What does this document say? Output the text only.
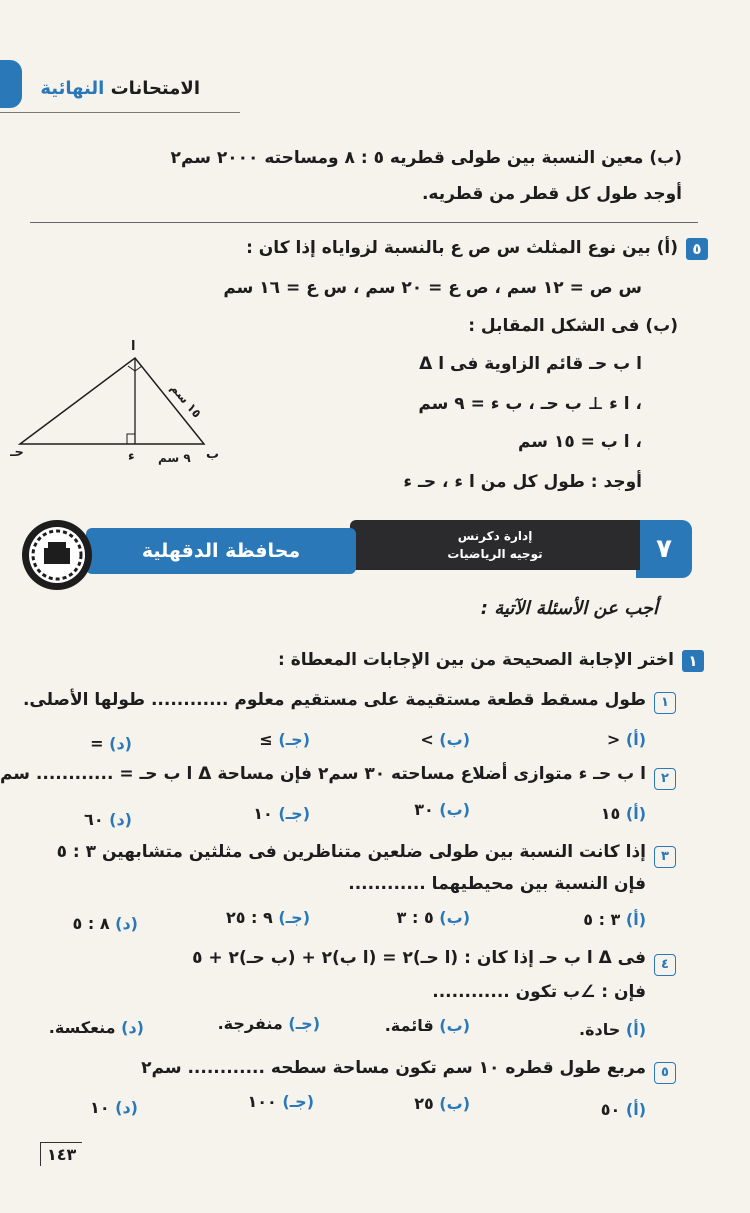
الامتحانات النهائية
(ب) معين النسبة بين طولى قطريه ٥ : ٨ ومساحته ٢٠٠٠ سم٢
أوجد طول كل قطر من قطريه.
٥
(أ) بين نوع المثلث س ص ع بالنسبة لزواياه إذا كان :
س ص = ١٢ سم ، ص ع = ٢٠ سم ، س ع = ١٦ سم
(ب) فى الشكل المقابل :
Δ ا ب حـ قائم الزاوية فى ا
، ا ء ⊥ ب حـ ، ب ء = ٩ سم
، ا ب = ١٥ سم
أوجد : طول كل من ا ء ، حـ ء
ا
ب
حـ	ء
١٥ سم
٩ سم
٧
إدارة دكرنس
توجيه الرياضيات
محافظة الدقهلية
أجب عن الأسئلة الآتية :
١
اختر الإجابة الصحيحة من بين الإجابات المعطاة :
١
طول مسقط قطعة مستقيمة على مستقيم معلوم ............ طولها الأصلى.
(أ) <
(ب) >
(جـ) ≥
(د) =
٢
ا ب حـ ء متوازى أضلاع مساحته ٣٠ سم٢ فإن مساحة Δ ا ب حـ = ............ سم
(أ) ١٥
(ب) ٣٠
(جـ) ١٠
(د) ٦٠
٣
إذا كانت النسبة بين طولى ضلعين متناظرين فى مثلثين متشابهين ٣ : ٥
فإن النسبة بين محيطيهما ............
(أ) ٣ : ٥
(ب) ٥ : ٣
(جـ) ٩ : ٢٥
(د) ٨ : ٥
٤
فى Δ ا ب حـ إذا كان : (ا حـ)٢ = (ا ب)٢ + (ب حـ)٢ + ٥
فإن : ∠ب تكون ............
(أ) حادة.
(ب) قائمة.
(جـ) منفرجة.
(د) منعكسة.
٥
مربع طول قطره ١٠ سم تكون مساحة سطحه ............ سم٢
(أ) ٥٠
(ب) ٢٥
(جـ) ١٠٠
(د) ١٠
١٤٣
